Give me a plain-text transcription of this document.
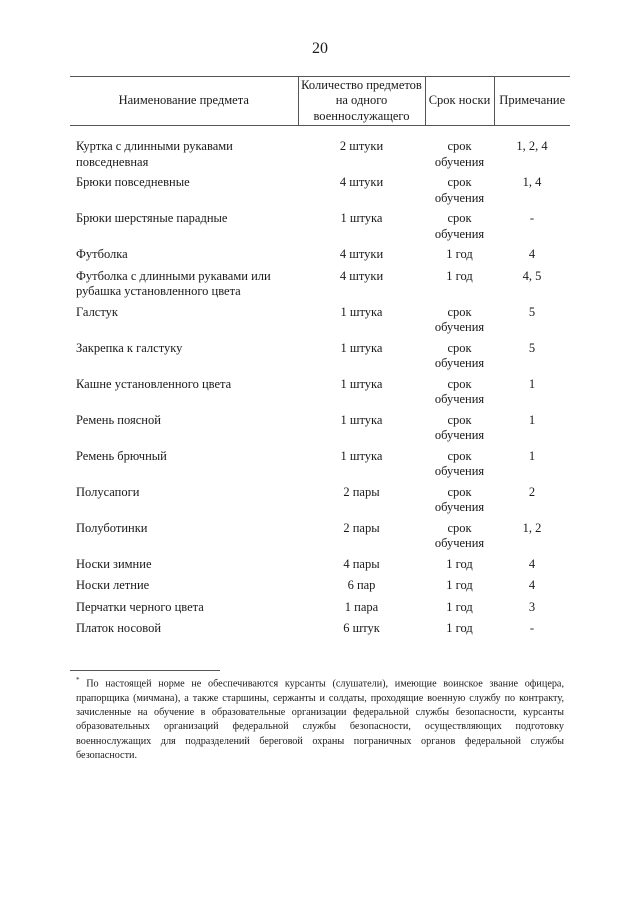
20
Наименование предмета	Количество предметов на одного военнослужащего	Срок носки	Примечание
Куртка с длинными рукавами повседневная	2 штуки	срок обучения	1, 2, 4
Брюки повседневные	4 штуки	срок обучения	1, 4
Брюки шерстяные парадные	1 штука	срок обучения	-
Футболка	4 штуки	1 год	4
Футболка с длинными рукавами или рубашка установленного цвета	4 штуки	1 год	4, 5
Галстук	1 штука	срок обучения	5
Закрепка к галстуку	1 штука	срок обучения	5
Кашне установленного цвета	1 штука	срок обучения	1
Ремень поясной	1 штука	срок обучения	1
Ремень брючный	1 штука	срок обучения	1
Полусапоги	2 пары	срок обучения	2
Полуботинки	2 пары	срок обучения	1, 2
Носки зимние	4 пары	1 год	4
Носки летние	6 пар	1 год	4
Перчатки черного цвета	1 пара	1 год	3
Платок носовой	6 штук	1 год	-
* По настоящей норме не обеспечиваются курсанты (слушатели), имеющие воинское звание офицера, прапорщика (мичмана), а также старшины, сержанты и солдаты, проходящие военную службу по контракту, зачисленные на обучение в образовательные организации федеральной службы безопасности, курсанты образовательных организаций федеральной службы безопасности, осуществляющих подготовку военнослужащих для подразделений береговой охраны пограничных органов федеральной службы безопасности.
